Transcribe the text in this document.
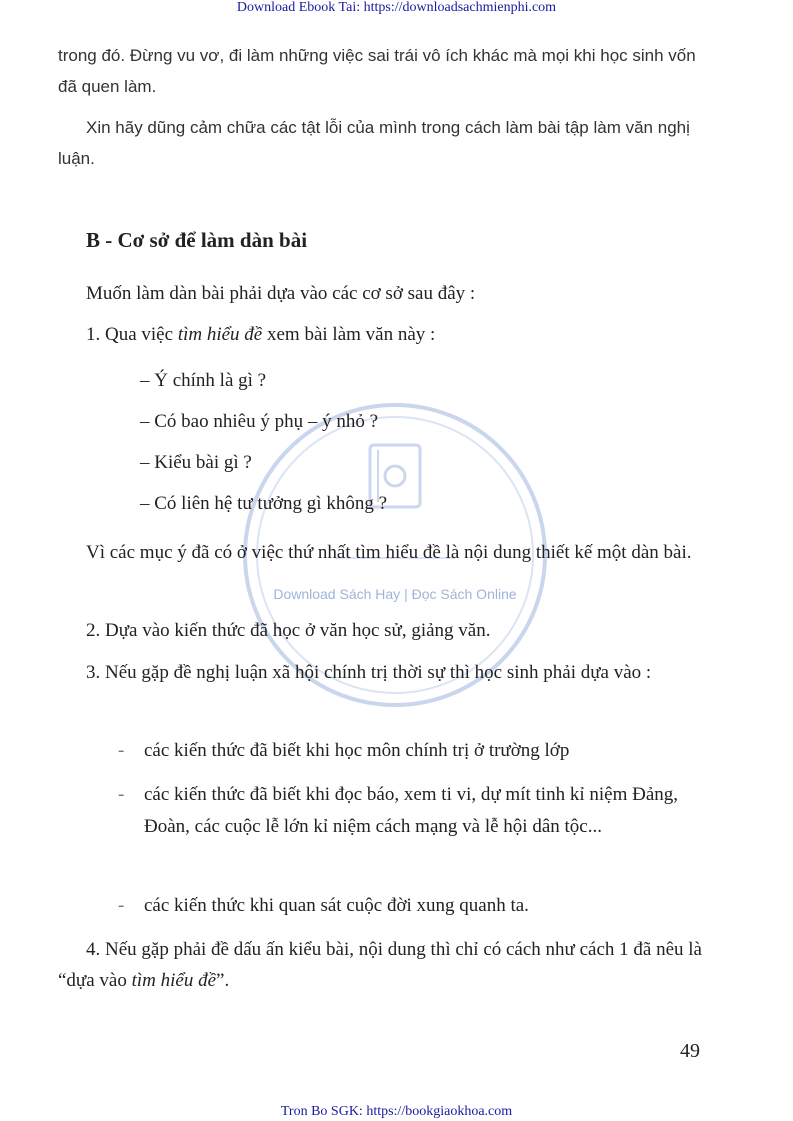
Download Ebook Tai: https://downloadsachmienphi.com
Download Sách Hay | Đọc Sách Online
trong đó. Đừng vu vơ, đi làm những việc sai trái vô ích khác mà mọi khi học sinh vốn đã quen làm.
Xin hãy dũng cảm chữa các tật lỗi của mình trong cách làm bài tập làm văn nghị luận.
B - Cơ sở để làm dàn bài
Muốn làm dàn bài phải dựa vào các cơ sở sau đây :
1. Qua việc tìm hiểu đề xem bài làm văn này :
– Ý chính là gì ?
– Có bao nhiêu ý phụ – ý nhỏ ?
– Kiểu bài gì ?
– Có liên hệ tư tưởng gì không ?
Vì các mục ý đã có ở việc thứ nhất tìm hiểu đề là nội dung thiết kế một dàn bài.
2. Dựa vào kiến thức đã học ở văn học sử, giảng văn.
3. Nếu gặp đề nghị luận xã hội chính trị thời sự thì học sinh phải dựa vào :
- các kiến thức đã biết khi học môn chính trị ở trường lớp
- các kiến thức đã biết khi đọc báo, xem ti vi, dự mít tinh kỉ niệm Đảng, Đoàn, các cuộc lễ lớn kỉ niệm cách mạng và lễ hội dân tộc...
- các kiến thức khi quan sát cuộc đời xung quanh ta.
4. Nếu gặp phải đề dấu ấn kiểu bài, nội dung thì chỉ có cách như cách 1 đã nêu là “dựa vào tìm hiểu đề”.
49
Tron Bo SGK: https://bookgiaokhoa.com
